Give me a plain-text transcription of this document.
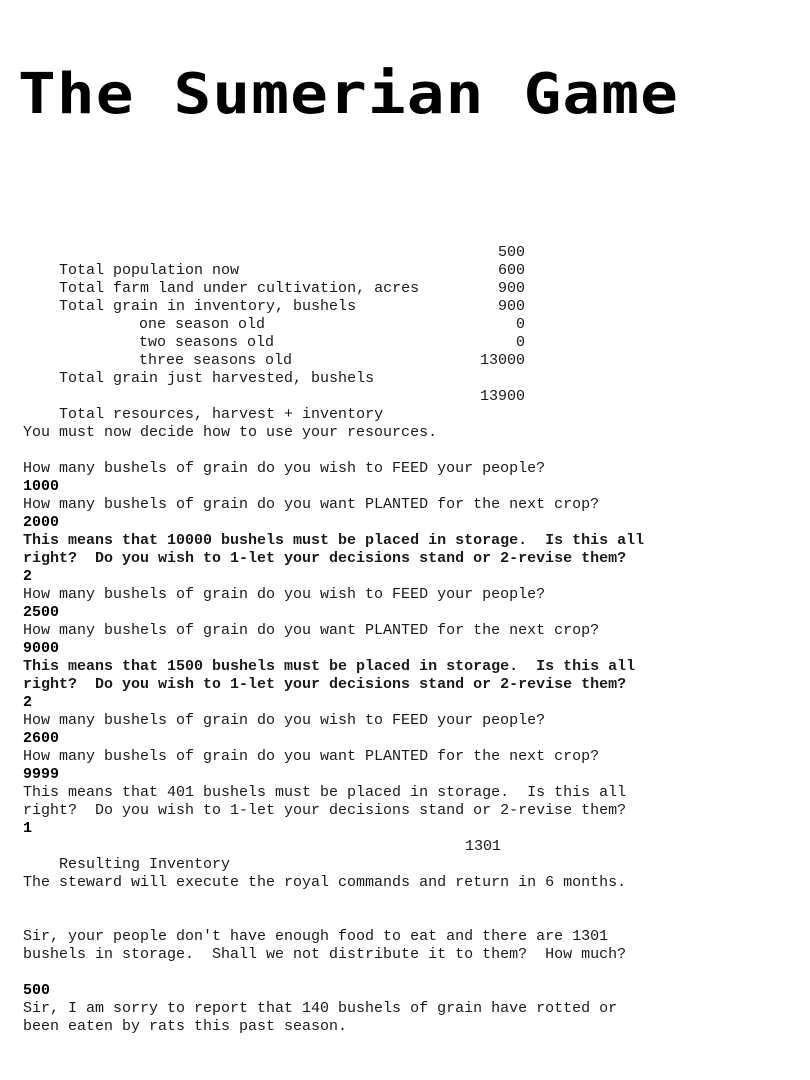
The Sumerian Game

Total population now

500

Total farm land under cultivation, acres

600

Total grain in inventory, bushels

900

one season old

900

two seasons old

0

three seasons old

0

Total grain just harvested, bushels

13000

Total resources, harvest + inventory

13900

You must now decide how to use your resources.
How many bushels of grain do you wish to FEED your people?
1000
How many bushels of grain do you want PLANTED for the next crop?
2000
This means that 10000 bushels must be placed in storage.  Is this all
right?  Do you wish to 1-let your decisions stand or 2-revise them?
2
How many bushels of grain do you wish to FEED your people?
2500
How many bushels of grain do you want PLANTED for the next crop?
9000
This means that 1500 bushels must be placed in storage.  Is this all
right?  Do you wish to 1-let your decisions stand or 2-revise them?
2
How many bushels of grain do you wish to FEED your people?
2600
How many bushels of grain do you want PLANTED for the next crop?
9999
This means that 401 bushels must be placed in storage.  Is this all
right?  Do you wish to 1-let your decisions stand or 2-revise them?
1

Resulting Inventory

1301

The steward will execute the royal commands and return in 6 months.
Sir, your people don't have enough food to eat and there are 1301
bushels in storage.  Shall we not distribute it to them?  How much?
500
Sir, I am sorry to report that 140 bushels of grain have rotted or
been eaten by rats this past season.
